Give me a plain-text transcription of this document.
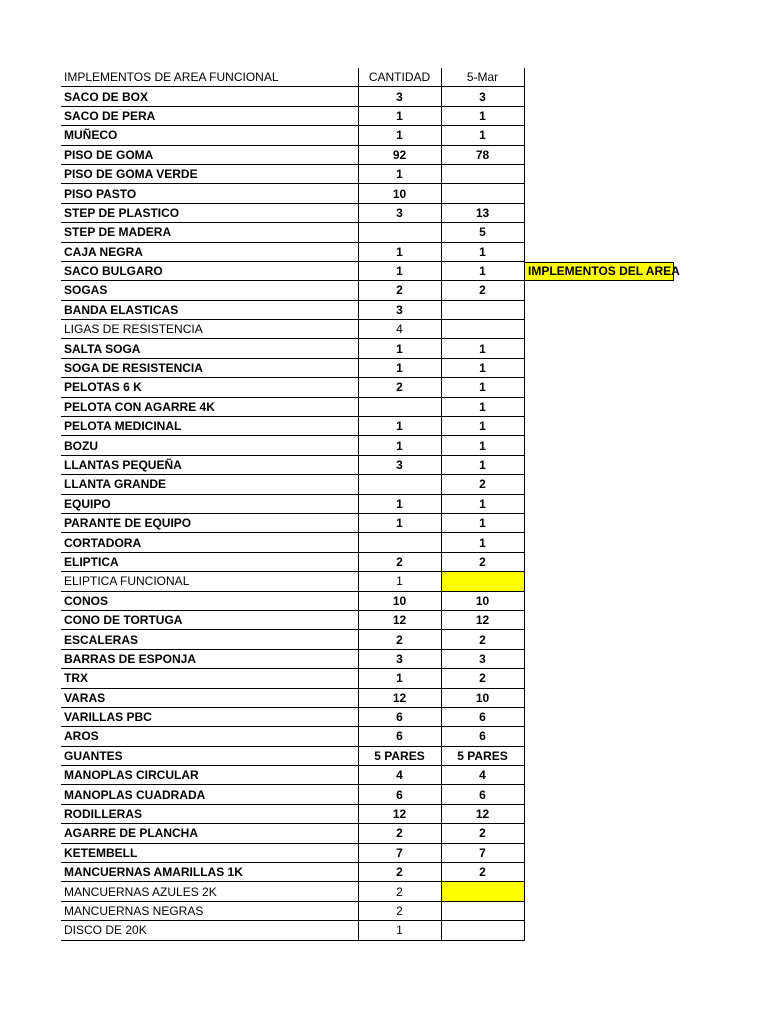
IMPLEMENTOS DE AREA FUNCIONAL	CANTIDAD	5-Mar
SACO DE BOX	3	3
SACO DE PERA	1	1
MUÑECO	1	1
PISO DE GOMA	92	78
PISO DE GOMA VERDE	1	
PISO PASTO	10	
STEP DE PLASTICO	3	13
STEP DE MADERA		5
CAJA NEGRA	1	1
SACO BULGARO	1	1
SOGAS	2	2
BANDA ELASTICAS	3	
LIGAS DE RESISTENCIA	4	
SALTA SOGA	1	1
SOGA DE RESISTENCIA	1	1
PELOTAS 6 K	2	1
PELOTA CON AGARRE 4K		1
PELOTA MEDICINAL	1	1
BOZU	1	1
LLANTAS PEQUEÑA	3	1
LLANTA GRANDE		2
EQUIPO	1	1
PARANTE DE EQUIPO	1	1
CORTADORA		1
ELIPTICA	2	2
ELIPTICA FUNCIONAL	1	
CONOS	10	10
CONO DE TORTUGA	12	12
ESCALERAS	2	2
BARRAS DE ESPONJA	3	3
TRX	1	2
VARAS	12	10
VARILLAS PBC	6	6
AROS	6	6
GUANTES	5 PARES	5 PARES
MANOPLAS CIRCULAR	4	4
MANOPLAS CUADRADA	6	6
RODILLERAS	12	12
AGARRE DE PLANCHA	2	2
KETEMBELL	7	7
MANCUERNAS AMARILLAS 1K	2	2
MANCUERNAS AZULES 2K	2	
MANCUERNAS NEGRAS	2	
DISCO DE 20K	1	
IMPLEMENTOS DEL AREA
